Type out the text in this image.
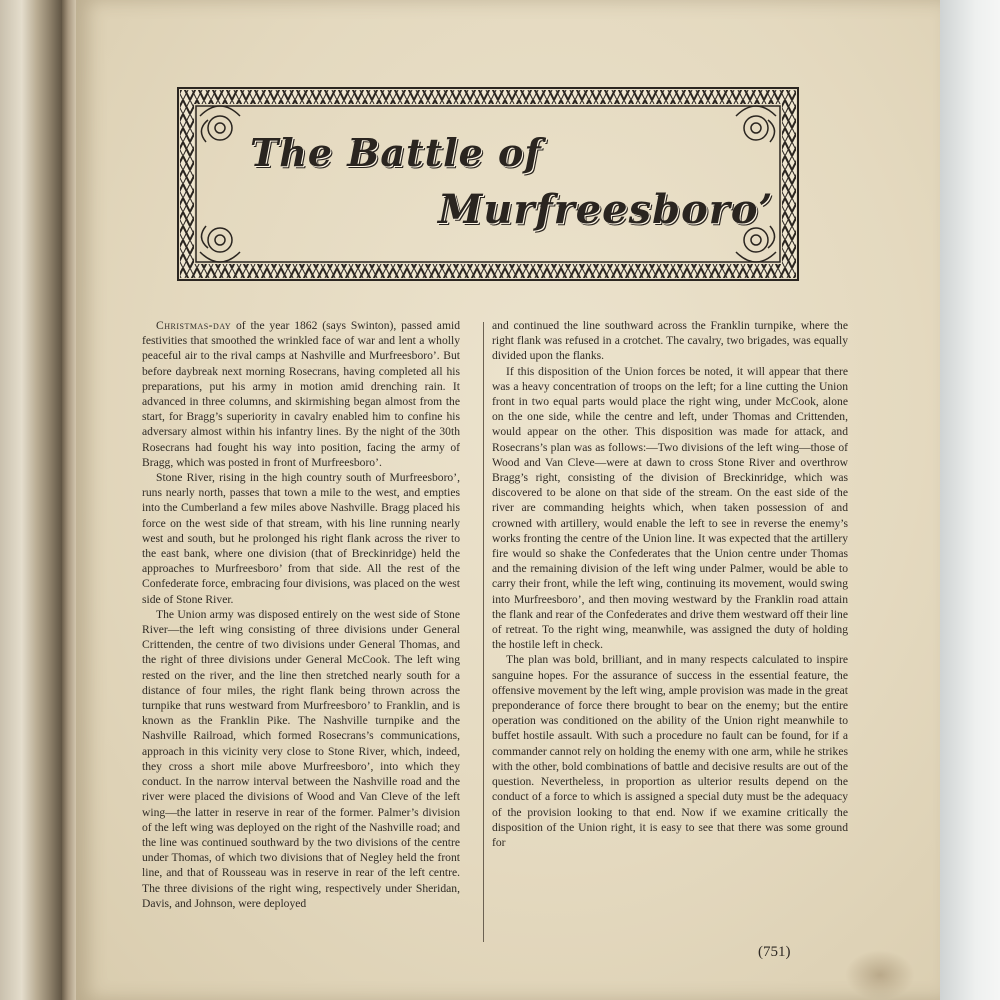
The Battle of
Murfreesboro’

Christmas-day of the year 1862 (says Swinton), passed amid festivities that smoothed the wrinkled face of war and lent a wholly peaceful air to the rival camps at Nashville and Murfreesboro’. But before daybreak next morning Rosecrans, having completed all his preparations, put his army in motion amid drenching rain. It advanced in three columns, and skirmishing began almost from the start, for Bragg’s superiority in cavalry enabled him to confine his adversary almost within his infantry lines. By the night of the 30th Rosecrans had fought his way into position, facing the army of Bragg, which was posted in front of Murfreesboro’.

Stone River, rising in the high country south of Murfreesboro’, runs nearly north, passes that town a mile to the west, and empties into the Cumberland a few miles above Nashville. Bragg placed his force on the west side of that stream, with his line running nearly west and south, but he prolonged his right flank across the river to the east bank, where one division (that of Breckinridge) held the approaches to Murfreesboro’ from that side. All the rest of the Confederate force, embracing four divisions, was placed on the west side of Stone River.

The Union army was disposed entirely on the west side of Stone River—the left wing consisting of three divisions under General Crittenden, the centre of two divisions under General Thomas, and the right of three divisions under General McCook. The left wing rested on the river, and the line then stretched nearly south for a distance of four miles, the right flank being thrown across the turnpike that runs westward from Murfreesboro’ to Franklin, and is known as the Franklin Pike. The Nashville turnpike and the Nashville Railroad, which formed Rosecrans’s communications, approach in this vicinity very close to Stone River, which, indeed, they cross a short mile above Murfreesboro’, into which they conduct. In the narrow interval between the Nashville road and the river were placed the divisions of Wood and Van Cleve of the left wing—the latter in reserve in rear of the former. Palmer’s division of the left wing was deployed on the right of the Nashville road; and the line was continued southward by the two divisions of the centre under Thomas, of which two divisions that of Negley held the front line, and that of Rousseau was in reserve in rear of the left centre. The three divisions of the right wing, respectively under Sheridan, Davis, and Johnson, were deployed

and continued the line southward across the Franklin turnpike, where the right flank was refused in a crotchet. The cavalry, two brigades, was equally divided upon the flanks.

If this disposition of the Union forces be noted, it will appear that there was a heavy concentration of troops on the left; for a line cutting the Union front in two equal parts would place the right wing, under McCook, alone on the one side, while the centre and left, under Thomas and Crittenden, would appear on the other. This disposition was made for attack, and Rosecrans’s plan was as follows:—Two divisions of the left wing—those of Wood and Van Cleve—were at dawn to cross Stone River and overthrow Bragg’s right, consisting of the division of Breckinridge, which was discovered to be alone on that side of the stream. On the east side of the river are commanding heights which, when taken possession of and crowned with artillery, would enable the left to see in reverse the enemy’s works fronting the centre of the Union line. It was expected that the artillery fire would so shake the Confederates that the Union centre under Thomas and the remaining division of the left wing under Palmer, would be able to carry their front, while the left wing, continuing its movement, would swing into Murfreesboro’, and then moving westward by the Franklin road attain the flank and rear of the Confederates and drive them westward off their line of retreat. To the right wing, meanwhile, was assigned the duty of holding the hostile left in check.

The plan was bold, brilliant, and in many respects calculated to inspire sanguine hopes. For the assurance of success in the essential feature, the offensive movement by the left wing, ample provision was made in the great preponderance of force there brought to bear on the enemy; but the entire operation was conditioned on the ability of the Union right meanwhile to buffet hostile assault. With such a procedure no fault can be found, for if a commander cannot rely on holding the enemy with one arm, while he strikes with the other, bold combinations of battle and decisive results are out of the question. Nevertheless, in proportion as ulterior results depend on the conduct of a force to which is assigned a special duty must be the adequacy of the provision looking to that end. Now if we examine critically the disposition of the Union right, it is easy to see that there was some ground for

(751)
